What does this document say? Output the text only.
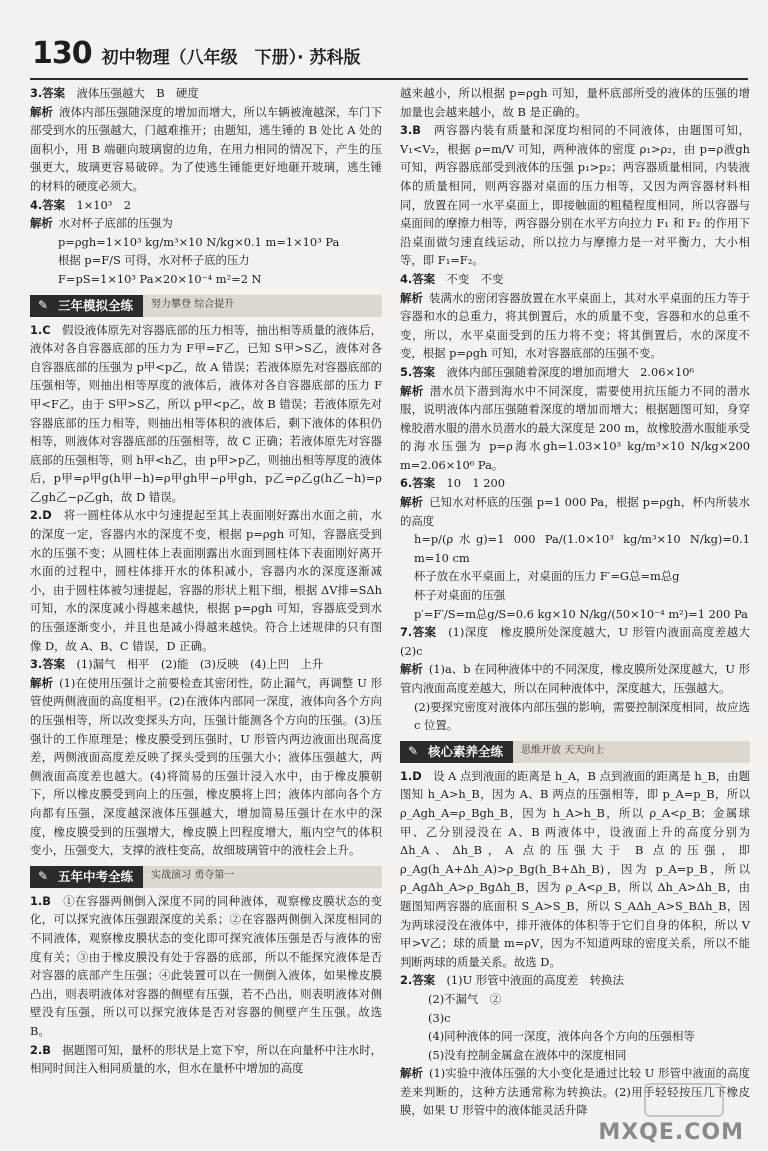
130 初中物理（八年级　下册）· 苏科版

3.答案　 液体压强越大　B　硬度

解析 液体内部压强随深度的增加而增大，所以车辆被淹越深，车门下部受到水的压强越大，门越难推开；由题知，逃生锤的 B 处比 A 处的面积小，用 B 端砸向玻璃窗的边角，在用力相同的情况下，产生的压强更大，玻璃更容易破碎。为了使逃生锤能更好地砸开玻璃，逃生锤的材料的硬度必须大。

4.答案　 1×10³　2

解析 水对杯子底部的压强为

p=ρgh=1×10³ kg/m³×10 N/kg×0.1 m=1×10³ Pa

根据 p=F/S 可得，水对杯子底的压力

F=pS=1×10³ Pa×20×10⁻⁴ m²=2 N

✎ 三年模拟全练	努力攀登 综合提升

1.C　 假设液体原先对容器底部的压力相等，抽出相等质量的液体后，液体对各自容器底部的压力为 F甲=F乙，已知 S甲>S乙，液体对各自容器底部的压强为 p甲<p乙，故 A 错误；若液体原先对容器底部的压强相等，则抽出相等厚度的液体后，液体对各自容器底部的压力 F甲<F乙，由于 S甲>S乙，所以 p甲<p乙，故 B 错误；若液体原先对容器底部的压力相等，则抽出相等体积的液体后，剩下液体的体积仍相等，则液体对容器底部的压强相等，故 C 正确；若液体原先对容器底部的压强相等，则 h甲<h乙，由 p甲>p乙，则抽出相等厚度的液体后，p甲=ρ甲g(h甲−h)=ρ甲gh甲−ρ甲gh，p乙=ρ乙g(h乙−h)=ρ乙gh乙−ρ乙gh，故 D 错误。

2.D　 将一圆柱体从水中匀速提起至其上表面刚好露出水面之前，水的深度一定，容器内水的深度不变，根据 p=ρgh 可知，容器底受到水的压强不变；从圆柱体上表面刚露出水面到圆柱体下表面刚好离开水面的过程中，圆柱体排开水的体积减小，容器内水的深度逐渐减小，由于圆柱体被匀速提起，容器的形状上粗下细，根据 ΔV排=SΔh 可知，水的深度减小得越来越快，根据 p=ρgh 可知，容器底受到水的压强逐渐变小，并且也是减小得越来越快。符合上述规律的只有图像 D，故 A、B、C 错误，D 正确。

3.答案　 (1)漏气　相平　(2)能　(3)反映　(4)上凹　上升

解析 (1)在使用压强计之前要检查其密闭性，防止漏气，再调整 U 形管使两侧液面的高度相平。(2)在液体内部同一深度，液体向各个方向的压强相等，所以改变探头方向，压强计能测各个方向的压强。(3)压强计的工作原理是；橡皮膜受到压强时，U 形管内两边液面出现高度差，两侧液面高度差反映了探头受到的压强大小；液体压强越大，两侧液面高度差也越大。(4)将简易的压强计浸入水中，由于橡皮膜朝下，所以橡皮膜受到向上的压强，橡皮膜将上凹；液体内部向各个方向都有压强，深度越深液体压强越大，增加简易压强计在水中的深度，橡皮膜受到的压强增大，橡皮膜上凹程度增大，瓶内空气的体积变小，压强变大，支撑的液柱变高，故细玻璃管中的液柱会上升。

✎ 五年中考全练	实战演习 勇夺第一

1.B　 ①在容器两侧倒入深度不同的同种液体，观察橡皮膜状态的变化，可以探究液体压强跟深度的关系；②在容器两侧倒入深度相同的不同液体，观察橡皮膜状态的变化即可探究液体压强是否与液体的密度有关；③由于橡皮膜没有处于容器的底部，所以不能探究液体是否对容器的底部产生压强；④此装置可以在一侧倒入液体，如果橡皮膜凸出，则表明液体对容器的侧壁有压强，若不凸出，则表明液体对侧壁没有压强，所以可以探究液体是否对容器的侧壁产生压强。故选 B。

2.B　 据题图可知，量杯的形状是上宽下窄，所以在向量杯中注水时，相同时间注入相同质量的水，但水在量杯中增加的高度

越来越小，所以根据 p=ρgh 可知，量杯底部所受的液体的压强的增加量也会越来越小，故 B 是正确的。

3.B　 两容器内装有质量和深度均相同的不同液体，由题图可知，V₁<V₂，根据 ρ=m/V 可知，两种液体的密度 ρ₁>ρ₂，由 p=ρ液gh 可知，两容器底部受到液体的压强 p₁>p₂；两容器质量相同，内装液体的质量相同，则两容器对桌面的压力相等，又因为两容器材料相同，放置在同一水平桌面上，即接触面的粗糙程度相同，所以容器与桌面间的摩擦力相等，两容器分别在水平方向拉力 F₁ 和 F₂ 的作用下沿桌面做匀速直线运动，所以拉力与摩擦力是一对平衡力，大小相等，即 F₁=F₂。

4.答案　 不变　不变

解析 装满水的密闭容器放置在水平桌面上，其对水平桌面的压力等于容器和水的总重力，将其倒置后，水的质量不变，容器和水的总重不变，所以，水平桌面受到的压力将不变；将其倒置后，水的深度不变，根据 p=ρgh 可知，水对容器底部的压强不变。

5.答案　 液体内部压强随着深度的增加而增大　2.06×10⁶

解析 潜水员下潜到海水中不同深度，需要使用抗压能力不同的潜水服，说明液体内部压强随着深度的增加而增大；根据题图可知，身穿橡胶潜水服的潜水员潜水的最大深度是 200 m，故橡胶潜水服能承受的海水压强为 p=ρ海水gh=1.03×10³ kg/m³×10 N/kg×200 m=2.06×10⁶ Pa。

6.答案　 10　1 200

解析 已知水对杯底的压强 p=1 000 Pa，根据 p=ρgh，杯内所装水的高度

h=p/(ρ水g)=1 000 Pa/(1.0×10³ kg/m³×10 N/kg)=0.1 m=10 cm

杯子放在水平桌面上，对桌面的压力 F′=G总=m总g

杯子对桌面的压强

p′=F′/S=m总g/S=0.6 kg×10 N/kg/(50×10⁻⁴ m²)=1 200 Pa

7.答案　 (1)深度　橡皮膜所处深度越大，U 形管内液面高度差越大　(2)c

解析 (1)a、b 在同种液体中的不同深度，橡皮膜所处深度越大，U 形管内液面高度差越大，所以在同种液体中，深度越大，压强越大。

(2)要探究密度对液体内部压强的影响，需要控制深度相同，故应选 c 位置。

✎ 核心素养全练	思维开放 天天向上

1.D　 设 A 点到液面的距离是 h_A，B 点到液面的距离是 h_B，由题图知 h_A>h_B，因为 A、B 两点的压强相等，即 p_A=p_B，所以 ρ_Agh_A=ρ_Bgh_B，因为 h_A>h_B，所以 ρ_A<ρ_B；金属球甲、乙分别浸没在 A、B 两液体中，设液面上升的高度分别为 Δh_A、Δh_B，A 点的压强大于 B 点的压强，即 ρ_Ag(h_A+Δh_A)>ρ_Bg(h_B+Δh_B)，因为 p_A=p_B，所以 ρ_AgΔh_A>ρ_BgΔh_B，因为 ρ_A<ρ_B，所以 Δh_A>Δh_B，由题图知两容器的底面积 S_A>S_B，所以 S_AΔh_A>S_BΔh_B，因为两球浸没在液体中，排开液体的体积等于它们自身的体积，所以 V甲>V乙；球的质量 m=ρV，因为不知道两球的密度关系，所以不能判断两球的质量关系。故选 D。

2.答案　 (1)U 形管中液面的高度差　转换法

(2)不漏气　②

(3)c

(4)同种液体的同一深度，液体向各个方向的压强相等

(5)没有控制金属盒在液体中的深度相同

解析 (1)实验中液体压强的大小变化是通过比较 U 形管中液面的高度差来判断的，这种方法通常称为转换法。(2)用手轻轻按压几下橡皮膜，如果 U 形管中的液体能灵活升降

MXQE.COM
